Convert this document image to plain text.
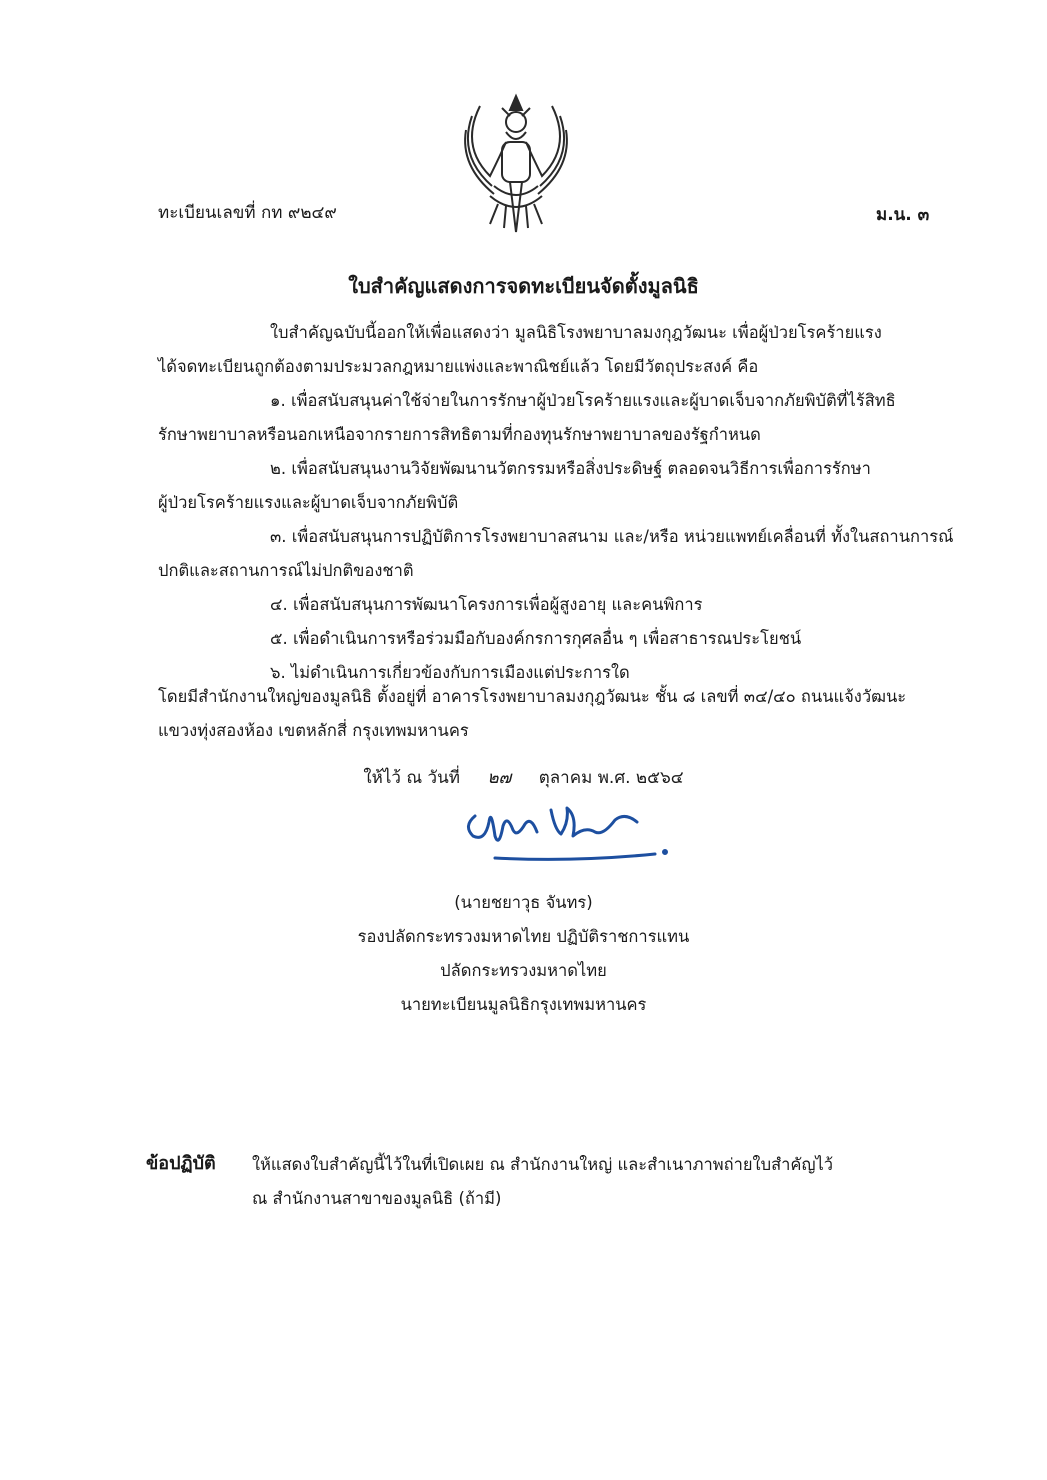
ทะเบียนเลขที่ กท ๙๒๔๙	ม.น. ๓
ใบสำคัญแสดงการจดทะเบียนจัดตั้งมูลนิธิ
ใบสำคัญฉบับนี้ออกให้เพื่อแสดงว่า มูลนิธิโรงพยาบาลมงกุฎวัฒนะ เพื่อผู้ป่วยโรคร้ายแรง
ได้จดทะเบียนถูกต้องตามประมวลกฎหมายแพ่งและพาณิชย์แล้ว โดยมีวัตถุประสงค์ คือ
๑. เพื่อสนับสนุนค่าใช้จ่ายในการรักษาผู้ป่วยโรคร้ายแรงและผู้บาดเจ็บจากภัยพิบัติที่ไร้สิทธิ
รักษาพยาบาลหรือนอกเหนือจากรายการสิทธิตามที่กองทุนรักษาพยาบาลของรัฐกำหนด
๒. เพื่อสนับสนุนงานวิจัยพัฒนานวัตกรรมหรือสิ่งประดิษฐ์ ตลอดจนวิธีการเพื่อการรักษา
ผู้ป่วยโรคร้ายแรงและผู้บาดเจ็บจากภัยพิบัติ
๓. เพื่อสนับสนุนการปฏิบัติการโรงพยาบาลสนาม และ/หรือ หน่วยแพทย์เคลื่อนที่ ทั้งในสถานการณ์
ปกติและสถานการณ์ไม่ปกติของชาติ
๔. เพื่อสนับสนุนการพัฒนาโครงการเพื่อผู้สูงอายุ และคนพิการ
๕. เพื่อดำเนินการหรือร่วมมือกับองค์กรการกุศลอื่น ๆ เพื่อสาธารณประโยชน์
๖. ไม่ดำเนินการเกี่ยวข้องกับการเมืองแต่ประการใด
โดยมีสำนักงานใหญ่ของมูลนิธิ ตั้งอยู่ที่ อาคารโรงพยาบาลมงกุฎวัฒนะ ชั้น ๘ เลขที่ ๓๔/๔๐ ถนนแจ้งวัฒนะ
แขวงทุ่งสองห้อง เขตหลักสี่ กรุงเทพมหานคร
ให้ไว้ ณ วันที่ ๒๗ ตุลาคม พ.ศ. ๒๕๖๔
(นายชยาวุธ จันทร)
รองปลัดกระทรวงมหาดไทย ปฏิบัติราชการแทน
ปลัดกระทรวงมหาดไทย
นายทะเบียนมูลนิธิกรุงเทพมหานคร
ข้อปฏิบัติ ให้แสดงใบสำคัญนี้ไว้ในที่เปิดเผย ณ สำนักงานใหญ่ และสำเนาภาพถ่ายใบสำคัญไว้
ณ สำนักงานสาขาของมูลนิธิ (ถ้ามี)
